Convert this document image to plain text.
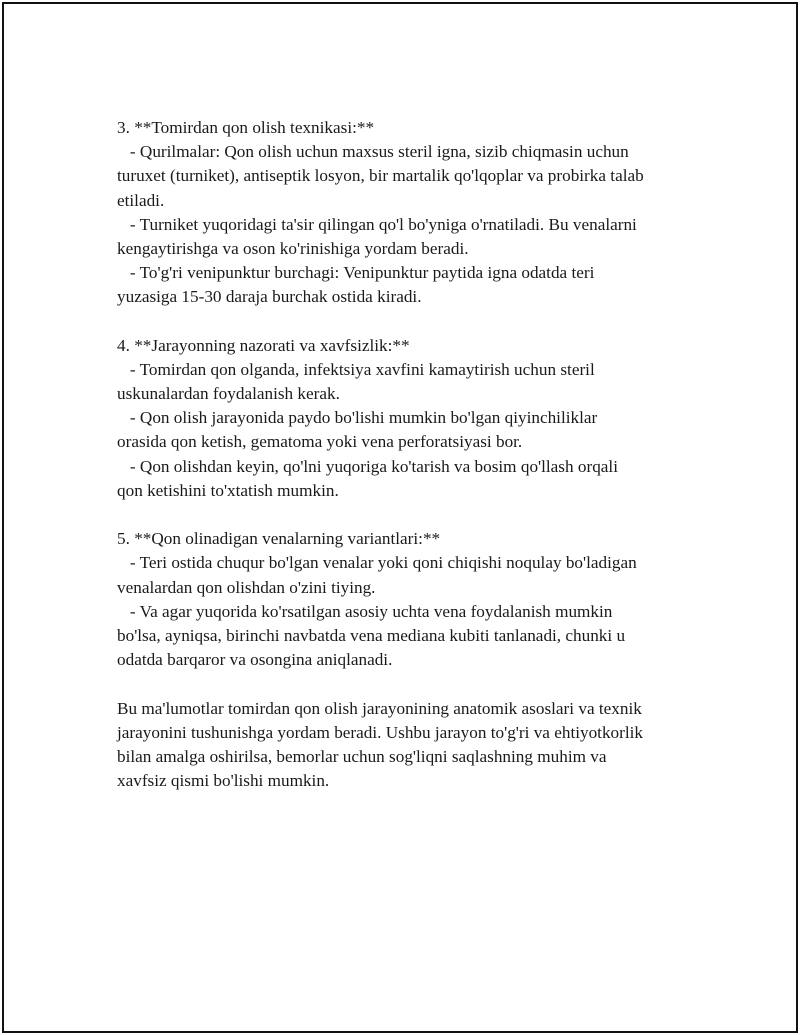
3. **Tomirdan qon olish texnikasi:**
- Qurilmalar: Qon olish uchun maxsus steril igna, sizib chiqmasin uchun
turuxet (turniket), antiseptik losyon, bir martalik qo'lqoplar va probirka talab
etiladi.
- Turniket yuqoridagi ta'sir qilingan qo'l bo'yniga o'rnatiladi. Bu venalarni
kengaytirishga va oson ko'rinishiga yordam beradi.
- To'g'ri venipunktur burchagi: Venipunktur paytida igna odatda teri
yuzasiga 15-30 daraja burchak ostida kiradi.
4. **Jarayonning nazorati va xavfsizlik:**
- Tomirdan qon olganda, infektsiya xavfini kamaytirish uchun steril
uskunalardan foydalanish kerak.
- Qon olish jarayonida paydo bo'lishi mumkin bo'lgan qiyinchiliklar
orasida qon ketish, gematoma yoki vena perforatsiyasi bor.
- Qon olishdan keyin, qo'lni yuqoriga ko'tarish va bosim qo'llash orqali
qon ketishini to'xtatish mumkin.
5. **Qon olinadigan venalarning variantlari:**
- Teri ostida chuqur bo'lgan venalar yoki qoni chiqishi noqulay bo'ladigan
venalardan qon olishdan o'zini tiying.
- Va agar yuqorida ko'rsatilgan asosiy uchta vena foydalanish mumkin
bo'lsa, ayniqsa, birinchi navbatda vena mediana kubiti tanlanadi, chunki u
odatda barqaror va osongina aniqlanadi.
Bu ma'lumotlar tomirdan qon olish jarayonining anatomik asoslari va texnik
jarayonini tushunishga yordam beradi. Ushbu jarayon to'g'ri va ehtiyotkorlik
bilan amalga oshirilsa, bemorlar uchun sog'liqni saqlashning muhim va
xavfsiz qismi bo'lishi mumkin.
